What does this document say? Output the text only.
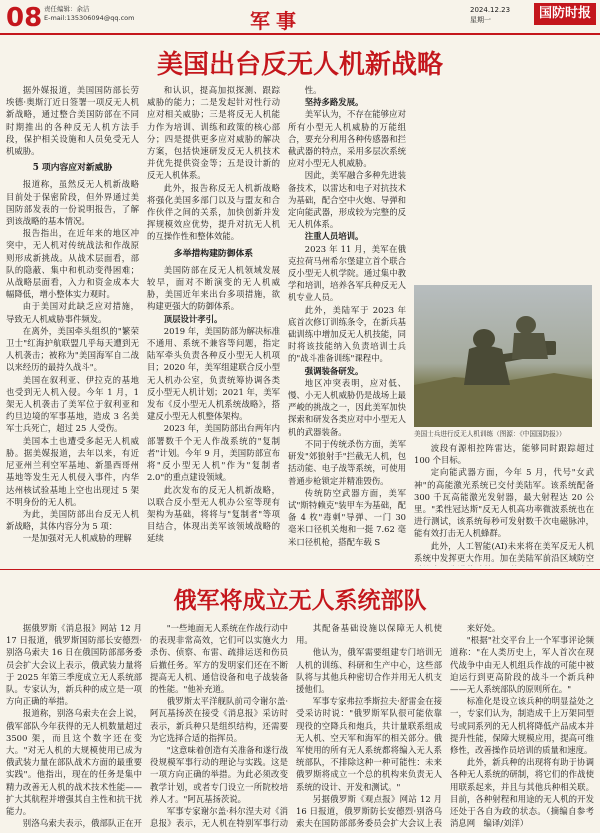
08 责任编辑：余洁
E-mail:135306094@qq.com	军事	2024.12.23
星期一	国防时报
美国出台反无人机新战略

据外媒报道，美国国防部长劳埃德·奥斯汀近日签署一项反无人机新战略，通过整合美国防部在不同时期推出的各种反无人机方法手段，保护相关设施和人员免受无人机威胁。

5 项内容应对新威胁

报道称，虽然反无人机新战略目前处于保密阶段，但外界通过美国防部发表的一份说明报告，了解到该战略的基本情况。

报告指出，在近年来的地区冲突中，无人机对传统战法和作战原则形成新挑战。从战术层面看，部队的隐蔽、集中和机动变得困难；从战略层面看，入力和资金成本大幅降低，增小整体实力观时。

由于美国对此缺乏应对措施，导致无人机威胁事件频发。

在离外，美国牵头组织的"繁荣卫士"红海护航联盟几乎每天遭到无人机袭击；被称为"美国海军自二战以来经历的最持久战斗"。

美国在叙利亚、伊拉克的基地也受到无人机入侵。今年 1 月，1 架无人机袭击了美军位于叙利亚和约旦边境的军事基地，造成 3 名美军士兵死亡，超过 25 人受伤。

美国本土也遭受多起无人机威胁。据美媒报道，去年以来，有近尼亚州兰利空军基地、新墨西哥州基地等发生无人机侵入事件，内华达州核试验基地上空也出现过 5 架不明身份的无人机。

为此，美国防部出台反无人机新战略，其体内容分为 5 项：

一是加强对无人机威胁的理解

和认识，提高加拟探测、跟踪威胁的能力；二是发起针对性行动应对相关威胁；三是将反无人机能力作为培训、训练和政策的核心部分；四是提供更多应对威胁的解决方案，包括快速研发反无人机技术并优先提供资金等；五是设计新的反无人机体系。

此外，报告称反无人机新战略将强化美国多部门以及与盟友和合作伙伴之间的关系，加快创新并发挥规模效应优势，提升对抗无人机的互操作性和整体效能。

多举措构建防御体系

美国防部在反无人机领域发展较早，面对不断演变的无人机威胁，美国近年来出台多项措施，欲构建更强大的防御体系。

顶层设计孝引。

2019 年，美国防部为解决标准不通用、系统不兼容等问题，指定陆军牵头负责各种反小型无人机项目；2020 年，美军组建联合反小型无人机办公室，负责统筹协调各类反小型无人机计划；2021 年，美军发布《反小型无人机系统战略》，搭建反小型无人机整体架构。

2023 年，美国防部出台两年内部署数千个无人作战系统的"复制者"计划。今年 9 月，美国防部宣布将"反小型无人机"作为"复制者 2.0"的重点建设领域。

此次发布的反无人机新战略，以联合反小型无人机办公室等现有架构为基础，将将与"复制者"等项目结合，体现出美军该领域战略的延续

性。

坚持多路发展。

美军认为，不存在能够应对所有小型无人机威胁的万能组合，要充分利用各种传感器和拦截武器的特点，采用多层次系统应对小型无人机威胁。

因此，美军融合多种先进装备技术，以雷达和电子对抗技术为基础，配合空中火炮、导弹和定向能武器，形成较为完整的反无人机体系。

注重人员培训。

2023 年 11 月，美军在俄克拉荷马州希尔堡建立首个联合反小型无人机学院。通过集中教学和培训，培养各军兵种反无人机专业人员。

此外，美陆军于 2023 年底首次修订训练条令，在新兵基础训练中增加反无人机技能，同时将该技能纳入负责培训士兵的"战斗准备训练"课程中。

强调装备研发。

地区冲突表明，应对低、慢、小无人机威胁仍是战场上最严峻的挑战之一，因此美军加快探索和研发各类应对中小型无人机的武器装备。

不同于传统杀伤方面，美军研发"郊狼射手"拦截无人机，包括动能、电子战等系统，可使用普通步枪锁定并精准毁伤。

传统防空武器方面，美军试"斯特赖克"装甲车为基础，配备 4 枚"毒刺"导弹、一门 30 毫米口径机关炮和一挺 7.62 毫米口径机枪，搭配车载 S

波段有源相控阵雷达，能够同时跟踪超过 100 个目标。

定向能武器方面，今年 5 月，代号"女武神"的高能激光系统已交付美陆军。该系统配备 300 千瓦高能激光发射器，最大射程达 20 公里。"柔性冠达斯"反无人机高功率微波系统也在进行测试，该系统每秒可发射数千次电磁脉冲，能有效打击无人机蜂群。

此外，人工智能(AI)未来将在美军反无人机系统中发挥更大作用。加在美陆军前沿区域防空

美国士兵进行反无人机训练（图源：《中国国防报》）
俄军将成立无人系统部队

据俄罗斯《消息报》网站 12 月 17 日报道，俄罗斯国防部长安德烈·别洛乌索夫 16 日在俄国防部部务委员会扩大会议上表示，俄武装力量将于 2025 年第三季度成立无人系统部队。专家认为，新兵种的成立是一项方向正确的举措。

报道称，别洛乌索夫在会上说，俄军部队今年获得的无人机数量超过 3500 架，而且这个数字还在变大。"对无人机的大规模使用已成为俄武装力量在部队战术方面的最重要实践"。他指出，现在的任务是集中精力改善无人机的战术技术性能——扩大其航程并增强其自主性和抗干扰能力。

别洛乌索夫表示，俄部队正在开

"一些地面无人系统在作战行动中的表现非常高效，它们可以实施火力杀伤、侦察、布雷、疏排运送和伤员后撤任务。军方的发明家们还在不断提高无人机、通信设备和电子战装备的性能。"他补充道。

俄罗斯太平洋舰队前司令谢尔盖·阿瓦基扬茨在接受《消息报》采访时表示，新兵种只是组织结构，还需要为它选择合适的指挥员。

"这意味着创造有关准备和遂行战役规模军事行动的理论与实践。这是一项方向正确的举措。为此必须改变教学计划，或者专门设立一所院校培养人才。"阿瓦基扬茨说。

军事专家谢尔盖·科尔涅夫对《消息报》表示，无人机在特别军事行动

其配备基础设施以保障无人机使用。

他认为，俄军需要组建专门培训无人机的训练、科研和生产中心，这些部队将与其他兵种密切合作并用无人机支援他们。

军事专家弗拉季斯拉夫·舒雷金在接受采访时说："俄罗斯军队很可能依靠现役的空降兵和炮兵，共计量联系组成无人机、空天军和海军的相关部分。俄军使用的所有无人系统都将编入无人系统部队，不排除这种一种可能性：未来俄罗斯将成立一个总的机构来负责无人系统的设计、开发和测试。"

另据俄罗斯《观点报》网站 12 月 16 日报道，俄罗斯防长安德烈·别洛乌索夫在国防部部务委员会扩大会议上表

来好处。

"根据"社交平台上一个军事评论频道称："在人类历史上，军人首次在现代战争中由无人机组兵作战的可能中被迫运行到更高阶段的战斗一个新兵种——无人系统部队的原则所在。"

标准化是设立该兵种的明显益处之一，专家们认为，制造成千上万架同型号或同系列的无人机将降低产品成本并提升性能，保障大规模应用，提高可维修性，改善操作员培训的质量和速度。

此外，新兵种的出现将有助于协调各种无人系统的研制，将它们的作战使用联系起来，并且与其他兵种相关联。目前，各种射程和用途的无人机的开发还处于各自为政的状态。（摘编自参考消息网　编译/刘洋）
